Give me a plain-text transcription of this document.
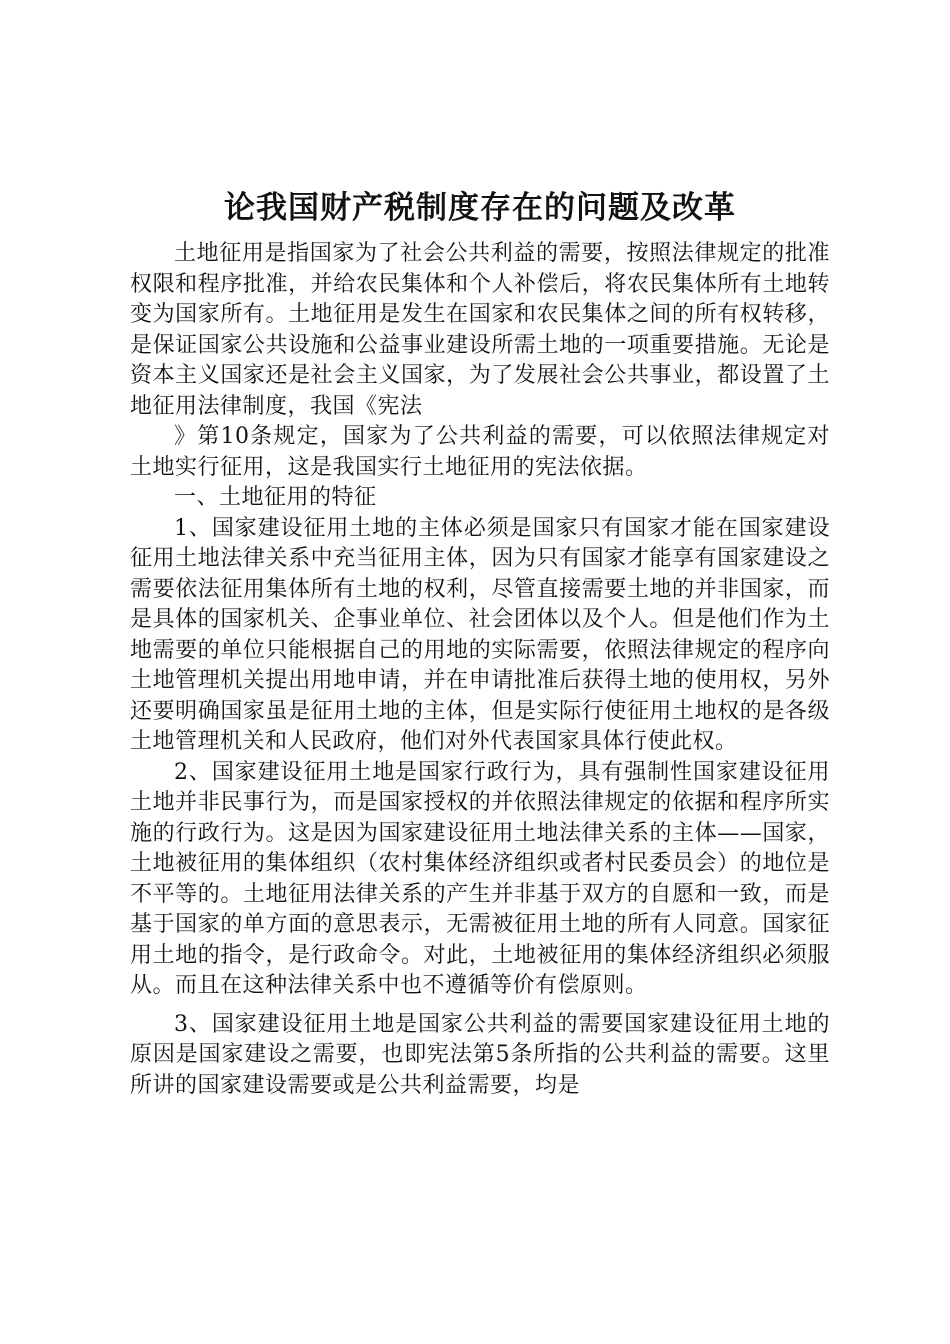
论我国财产税制度存在的问题及改革

土地征用是指国家为了社会公共利益的需要，按照法律规定的批准权限和程序批准，并给农民集体和个人补偿后，将农民集体所有土地转变为国家所有。土地征用是发生在国家和农民集体之间的所有权转移，是保证国家公共设施和公益事业建设所需土地的一项重要措施。无论是资本主义国家还是社会主义国家，为了发展社会公共事业，都设置了土地征用法律制度，我国《宪法

》第10条规定，国家为了公共利益的需要，可以依照法律规定对土地实行征用，这是我国实行土地征用的宪法依据。

一、土地征用的特征

1、国家建设征用土地的主体必须是国家只有国家才能在国家建设征用土地法律关系中充当征用主体，因为只有国家才能享有国家建设之需要依法征用集体所有土地的权利，尽管直接需要土地的并非国家，而是具体的国家机关、企事业单位、社会团体以及个人。但是他们作为土地需要的单位只能根据自己的用地的实际需要，依照法律规定的程序向土地管理机关提出用地申请，并在申请批准后获得土地的使用权，另外还要明确国家虽是征用土地的主体，但是实际行使征用土地权的是各级土地管理机关和人民政府，他们对外代表国家具体行使此权。

2、国家建设征用土地是国家行政行为，具有强制性国家建设征用土地并非民事行为，而是国家授权的并依照法律规定的依据和程序所实施的行政行为。这是因为国家建设征用土地法律关系的主体——国家，土地被征用的集体组织（农村集体经济组织或者村民委员会）的地位是不平等的。土地征用法律关系的产生并非基于双方的自愿和一致，而是基于国家的单方面的意思表示，无需被征用土地的所有人同意。国家征用土地的指令，是行政命令。对此，土地被征用的集体经济组织必须服从。而且在这种法律关系中也不遵循等价有偿原则。

3、国家建设征用土地是国家公共利益的需要国家建设征用土地的原因是国家建设之需要，也即宪法第5条所指的公共利益的需要。这里所讲的国家建设需要或是公共利益需要，均是
